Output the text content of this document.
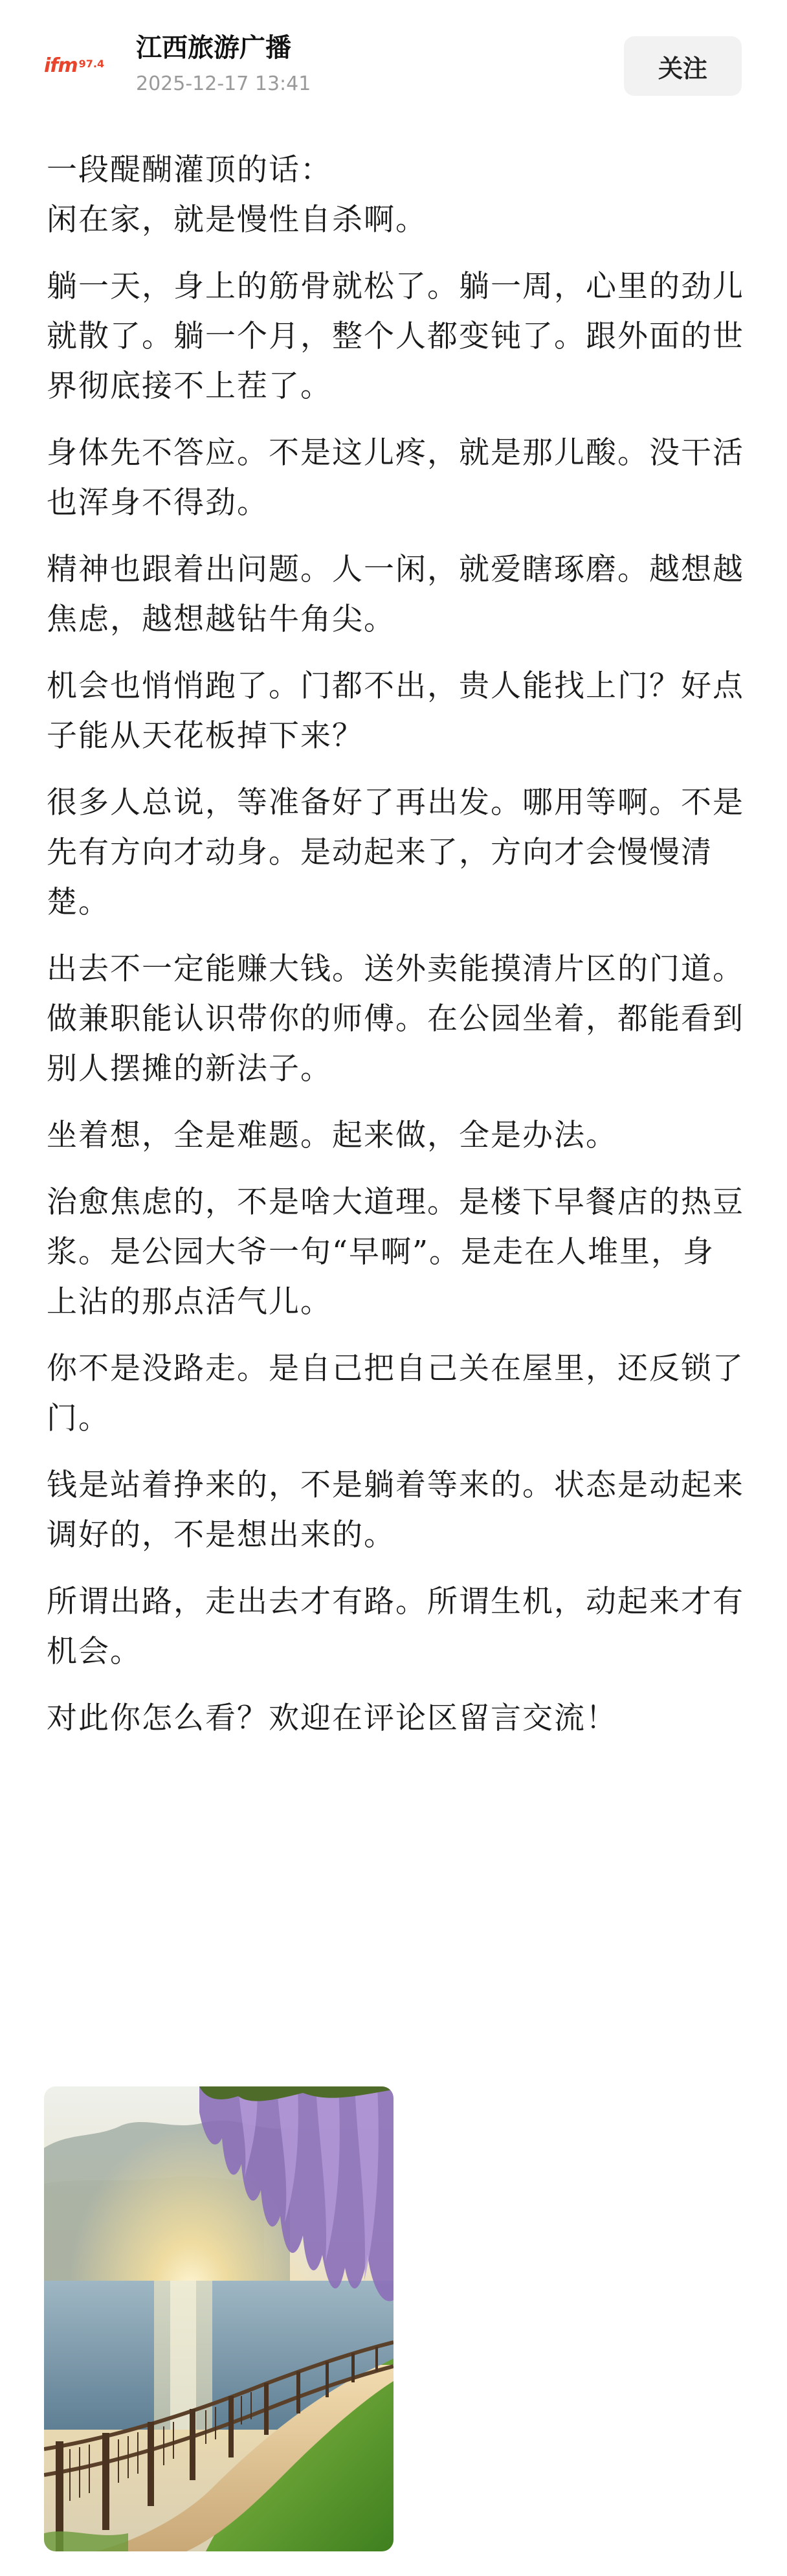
ifm 97.4
江西旅游广播
2025-12-17 13:41
关注

一段醍醐灌顶的话：
闲在家，就是慢性自杀啊。

躺一天，身上的筋骨就松了。躺一周，心里的劲儿就散了。躺一个月，整个人都变钝了。跟外面的世界彻底接不上茬了。

身体先不答应。不是这儿疼，就是那儿酸。没干活也浑身不得劲。

精神也跟着出问题。人一闲，就爱瞎琢磨。越想越焦虑，越想越钻牛角尖。

机会也悄悄跑了。门都不出，贵人能找上门？好点子能从天花板掉下来？

很多人总说，等准备好了再出发。哪用等啊。不是先有方向才动身。是动起来了，方向才会慢慢清楚。

出去不一定能赚大钱。送外卖能摸清片区的门道。做兼职能认识带你的师傅。在公园坐着，都能看到别人摆摊的新法子。

坐着想，全是难题。起来做，全是办法。

治愈焦虑的，不是啥大道理。是楼下早餐店的热豆浆。是公园大爷一句“早啊”。是走在人堆里，身上沾的那点活气儿。

你不是没路走。是自己把自己关在屋里，还反锁了门。

钱是站着挣来的，不是躺着等来的。状态是动起来调好的，不是想出来的。

所谓出路，走出去才有路。所谓生机，动起来才有机会。

对此你怎么看？欢迎在评论区留言交流！
